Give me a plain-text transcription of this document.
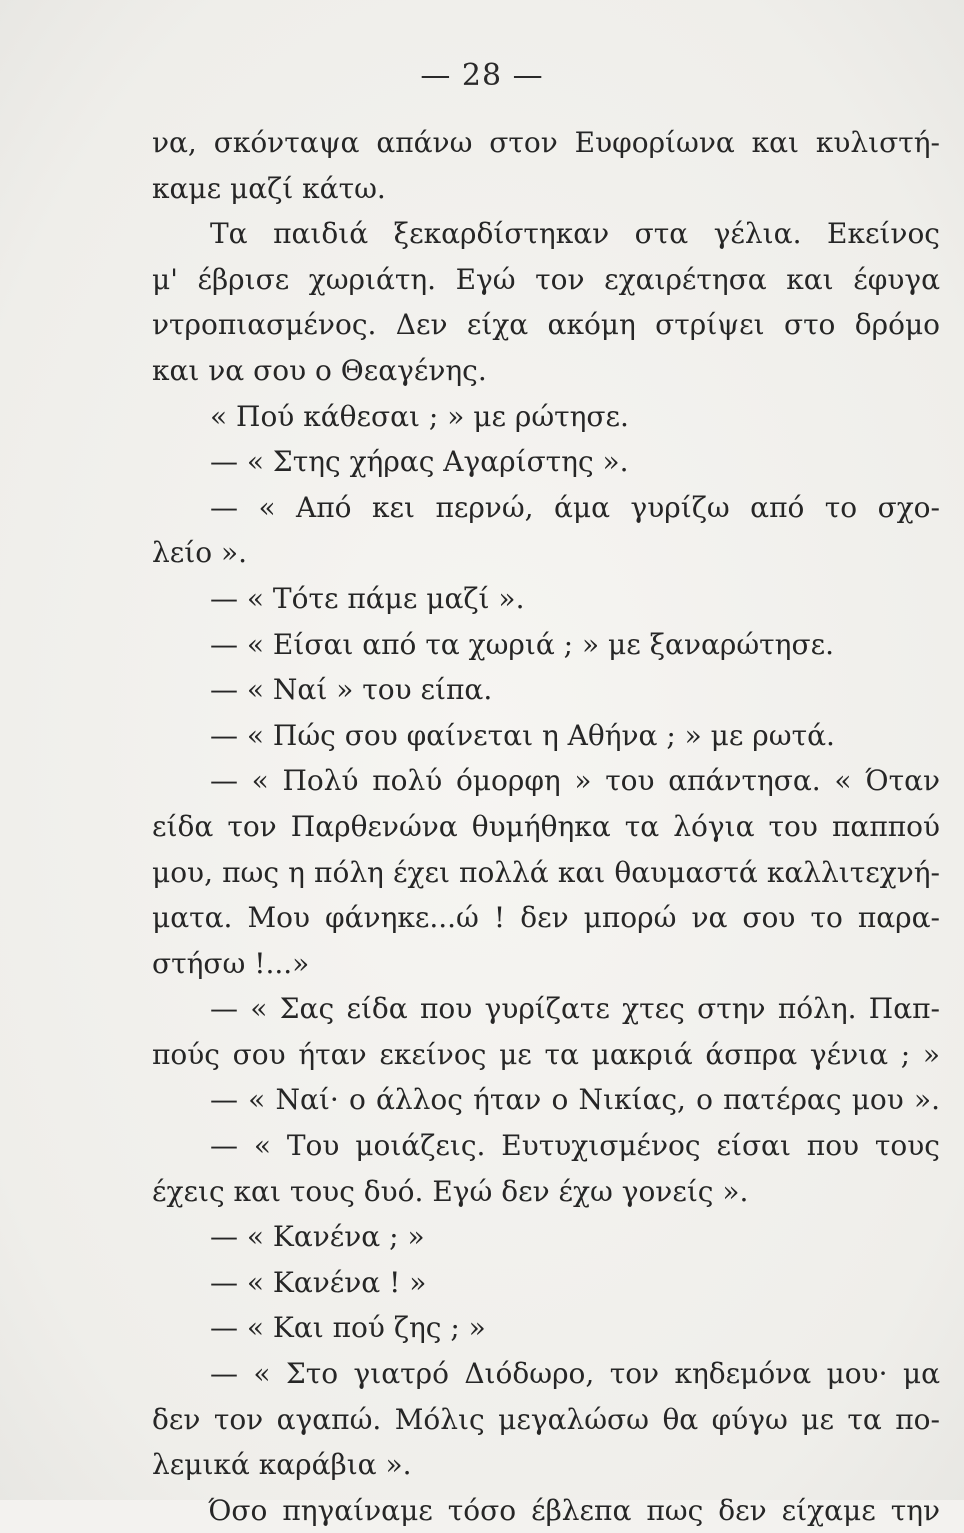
— 28 —
να, σκόνταψα απάνω στον Ευφορίωνα και κυλιστή-
καμε μαζί κάτω.
Τα παιδιά ξεκαρδίστηκαν στα γέλια. Εκείνος
μ' έβρισε χωριάτη. Εγώ τον εχαιρέτησα και έφυγα
ντροπιασμένος. Δεν είχα ακόμη στρίψει στο δρόμο
και να σου ο Θεαγένης.
« Πού κάθεσαι ; » με ρώτησε.
— « Στης χήρας Αγαρίστης ».
— « Από κει περνώ, άμα γυρίζω από το σχο-
λείο ».
— « Τότε πάμε μαζί ».
— « Είσαι από τα χωριά ; » με ξαναρώτησε.
— « Ναί » του είπα.
— « Πώς σου φαίνεται η Αθήνα ; » με ρωτά.
— « Πολύ πολύ όμορφη » του απάντησα. « Όταν
είδα τον Παρθενώνα θυμήθηκα τα λόγια του παππού
μου, πως η πόλη έχει πολλά και θαυμαστά καλλιτεχνή-
ματα. Μου φάνηκε...ώ ! δεν μπορώ να σου το παρα-
στήσω !...»
— « Σας είδα που γυρίζατε χτες στην πόλη. Παπ-
πούς σου ήταν εκείνος με τα μακριά άσπρα γένια ; »
— « Ναί· ο άλλος ήταν ο Νικίας, ο πατέρας μου ».
— « Του μοιάζεις. Ευτυχισμένος είσαι που τους
έχεις και τους δυό. Εγώ δεν έχω γονείς ».
— « Κανένα ; »
— « Κανένα ! »
— « Και πού ζης ; »
— « Στο γιατρό Διόδωρο, τον κηδεμόνα μου· μα
δεν τον αγαπώ. Μόλις μεγαλώσω θα φύγω με τα πο-
λεμικά καράβια ».
Όσο πηγαίναμε τόσο έβλεπα πως δεν είχαμε την
